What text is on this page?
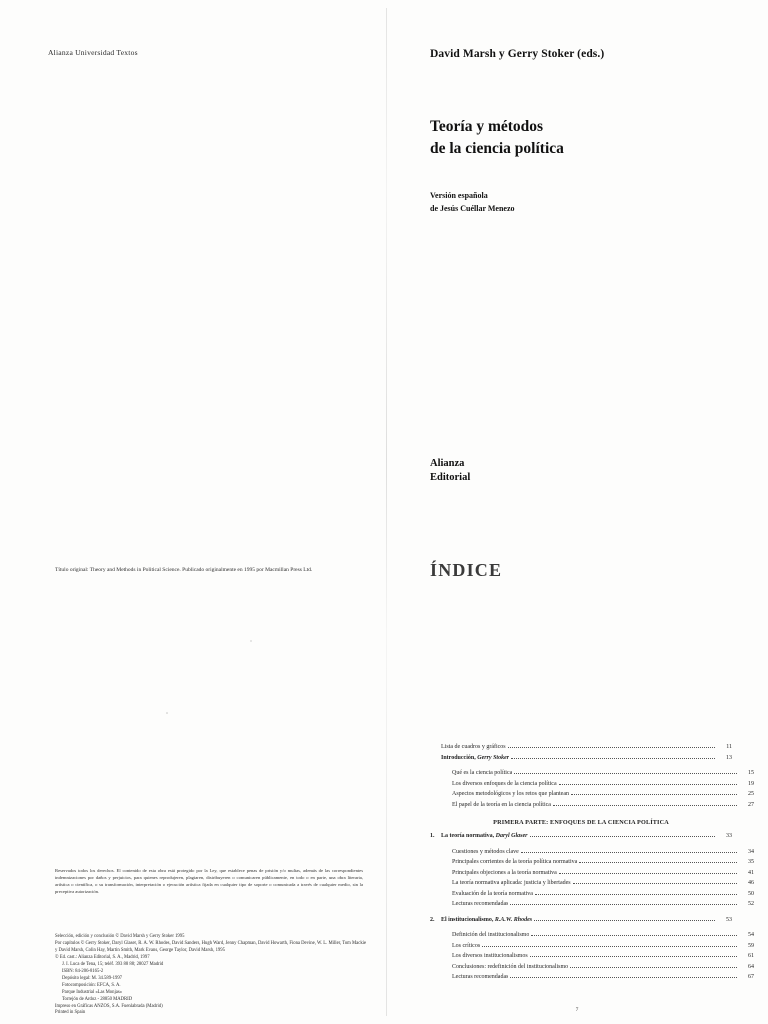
Alianza Universidad Textos
Título original: Theory and Methods in Political Science. Publicado originalmente en 1995 por Macmillan Press Ltd.
Reservados todos los derechos. El contenido de esta obra está protegido por la Ley, que establece penas de prisión y/o multas, además de las correspondientes indemnizaciones por daños y perjuicios, para quienes reprodujeren, plagiaren, distribuyeren o comunicaren públicamente, en todo o en parte, una obra literaria, artística o científica, o su transformación, interpretación o ejecución artística fijada en cualquier tipo de soporte o comunicada a través de cualquier medio, sin la preceptiva autorización.
Selección, edición y conclusión © David Marsh y Gerry Stoker 1995
Por capítulos © Gerry Stoker, Daryl Glaser, R. A. W. Rhodes, David Sanders, Hugh Ward, Jenny Chapman, David Howarth, Fiona Devine, W. L. Miller, Tom Mackie y David Marsh, Colin Hay, Martin Smith, Mark Evans, George Taylor, David Marsh, 1995
© Ed. cast.: Alianza Editorial, S. A., Madrid, 1997
J. I. Luca de Tena, 15; teléf. 393 88 88; 28027 Madrid
ISBN: 84-206-8165-2
Depósito legal: M. 34.589-1997
Fotocomposición: EFCA, S. A.
Parque Industrial «Las Monjas»
Torrejón de Ardoz - 28850 MADRID
Impreso en Gráficas ANZOS, S.A. Fuenlabrada (Madrid)
Printed in Spain
David Marsh y Gerry Stoker (eds.)
Teoría y métodos
de la ciencia política
Versión española
de Jesús Cuéllar Menezo
Alianza
Editorial
ÍNDICE
Lista de cuadros y gráficos	11
Introducción, Gerry Stoker	13
Qué es la ciencia política	15
Los diversos enfoques de la ciencia política	19
Aspectos metodológicos y los retos que plantean	25
El papel de la teoría en la ciencia política	27
PRIMERA PARTE: ENFOQUES DE LA CIENCIA POLÍTICA
1.	La teoría normativa, Daryl Glaser	33
Cuestiones y métodos clave	34
Principales corrientes de la teoría política normativa	35
Principales objeciones a la teoría normativa	41
La teoría normativa aplicada: justicia y libertades	46
Evaluación de la teoría normativa	50
Lecturas recomendadas	52
2.	El institucionalismo, R.A.W. Rhodes	53
Definición del institucionalismo	54
Los críticos	59
Los diversos institucionalismos	61
Conclusiones: redefinición del institucionalismo	64
Lecturas recomendadas	67
7
